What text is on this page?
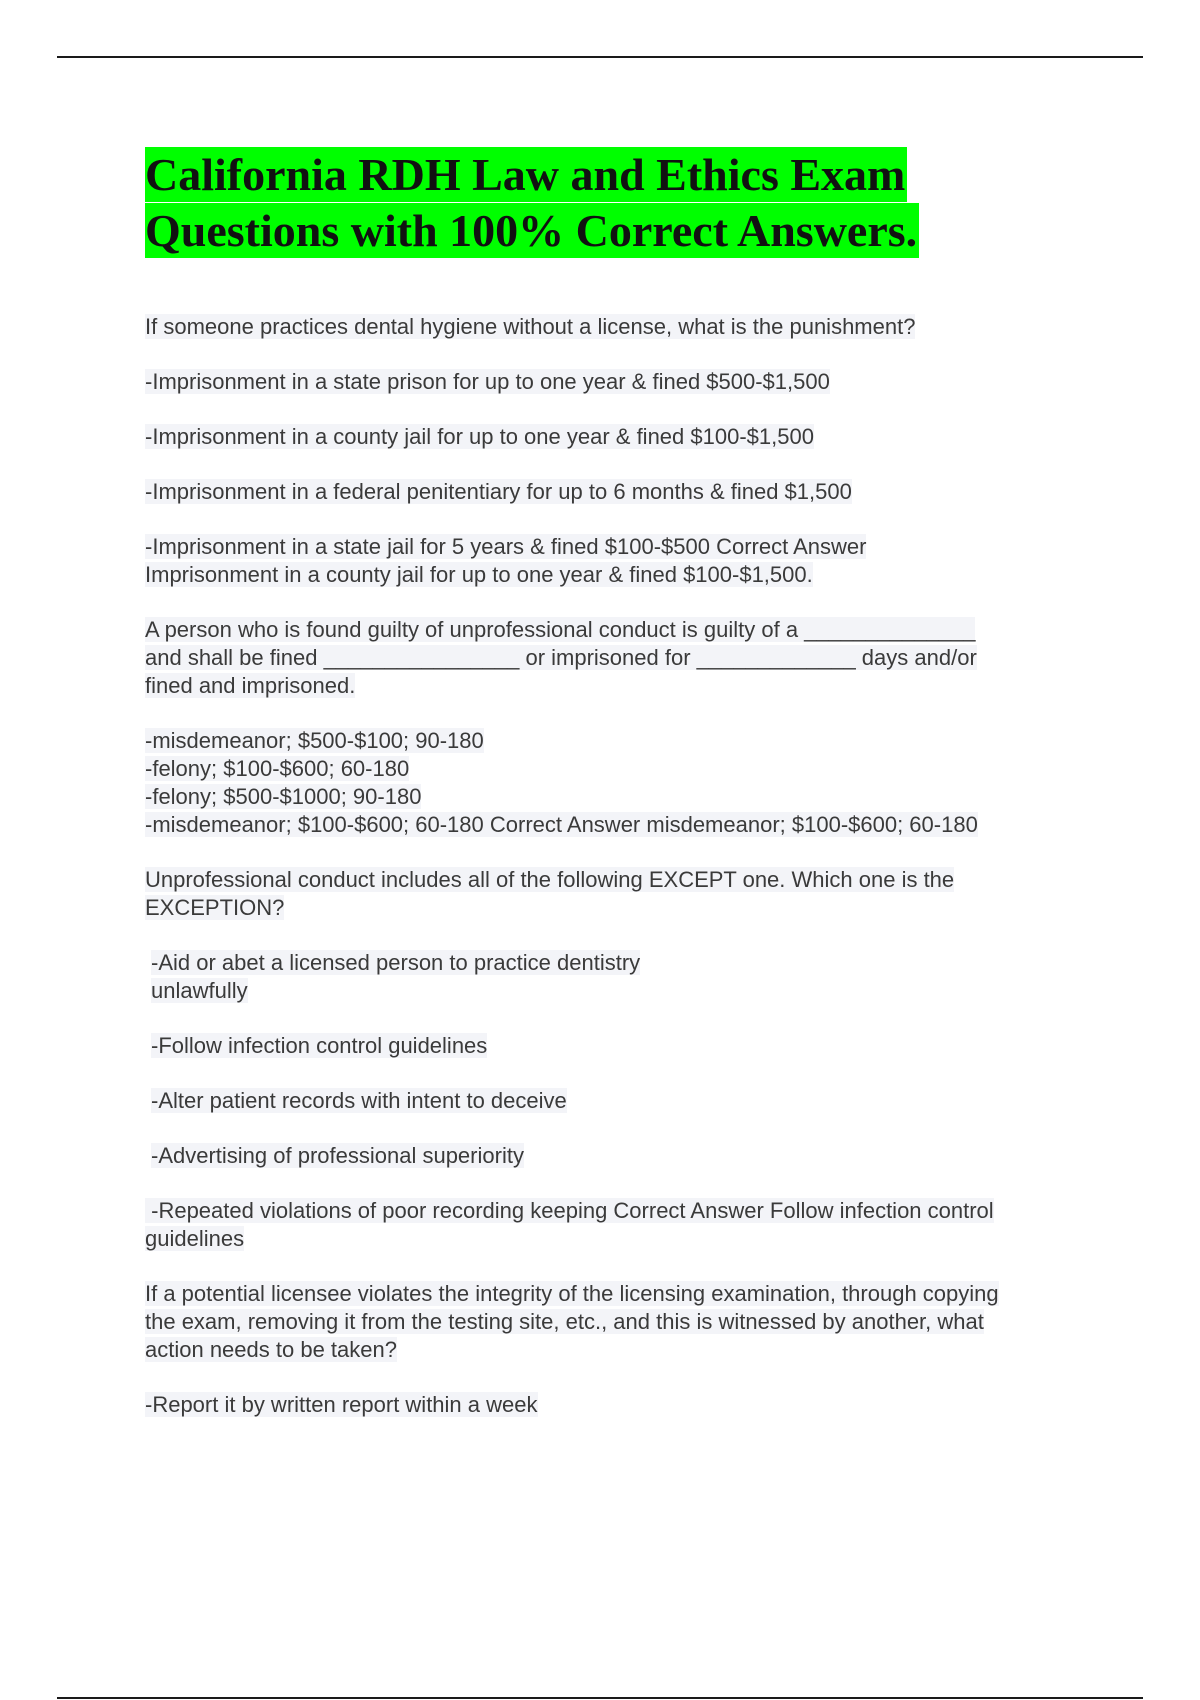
California RDH Law and Ethics Exam Questions with 100% Correct Answers.

If someone practices dental hygiene without a license, what is the punishment?

-Imprisonment in a state prison for up to one year & fined $500-$1,500

-Imprisonment in a county jail for up to one year & fined $100-$1,500

-Imprisonment in a federal penitentiary for up to 6 months & fined $1,500

-Imprisonment in a state jail for 5 years & fined $100-$500 Correct Answer
Imprisonment in a county jail for up to one year & fined $100-$1,500.

A person who is found guilty of unprofessional conduct is guilty of a ______________
and shall be fined ________________ or imprisoned for _____________ days and/or
fined and imprisoned.

-misdemeanor; $500-$100; 90-180
-felony; $100-$600; 60-180
-felony; $500-$1000; 90-180
-misdemeanor; $100-$600; 60-180 Correct Answer misdemeanor; $100-$600; 60-180

Unprofessional conduct includes all of the following EXCEPT one. Which one is the
EXCEPTION?

-Aid or abet a licensed person to practice dentistry
unlawfully

-Follow infection control guidelines

-Alter patient records with intent to deceive

-Advertising of professional superiority

-Repeated violations of poor recording keeping Correct Answer Follow infection control
guidelines

If a potential licensee violates the integrity of the licensing examination, through copying
the exam, removing it from the testing site, etc., and this is witnessed by another, what
action needs to be taken?

-Report it by written report within a week
